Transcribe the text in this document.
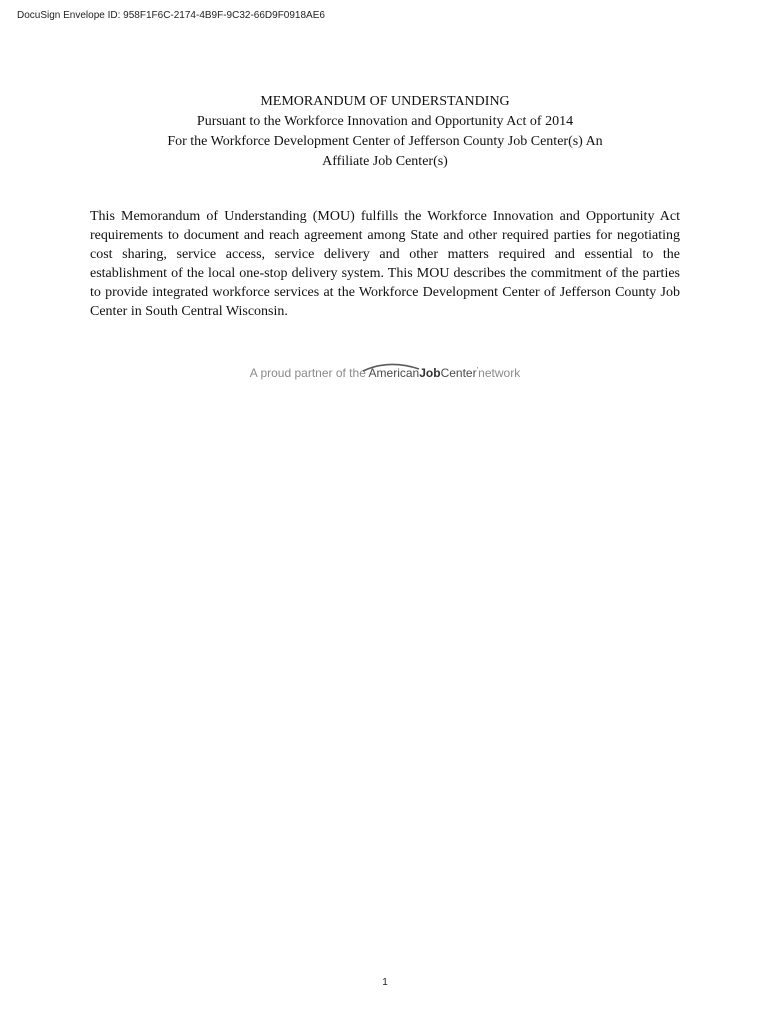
DocuSign Envelope ID: 958F1F6C-2174-4B9F-9C32-66D9F0918AE6
MEMORANDUM OF UNDERSTANDING
Pursuant to the Workforce Innovation and Opportunity Act of 2014
For the Workforce Development Center of Jefferson County Job Center(s) An
Affiliate Job Center(s)

This Memorandum of Understanding (MOU) fulfills the Workforce Innovation and Opportunity Act requirements to document and reach agreement among State and other required parties for negotiating cost sharing, service access, service delivery and other matters required and essential to the establishment of the local one-stop delivery system. This MOU describes the commitment of the parties to provide integrated workforce services at the Workforce Development Center of Jefferson County Job Center in South Central Wisconsin.

A proud partner of the American
JobCenter’network
1
